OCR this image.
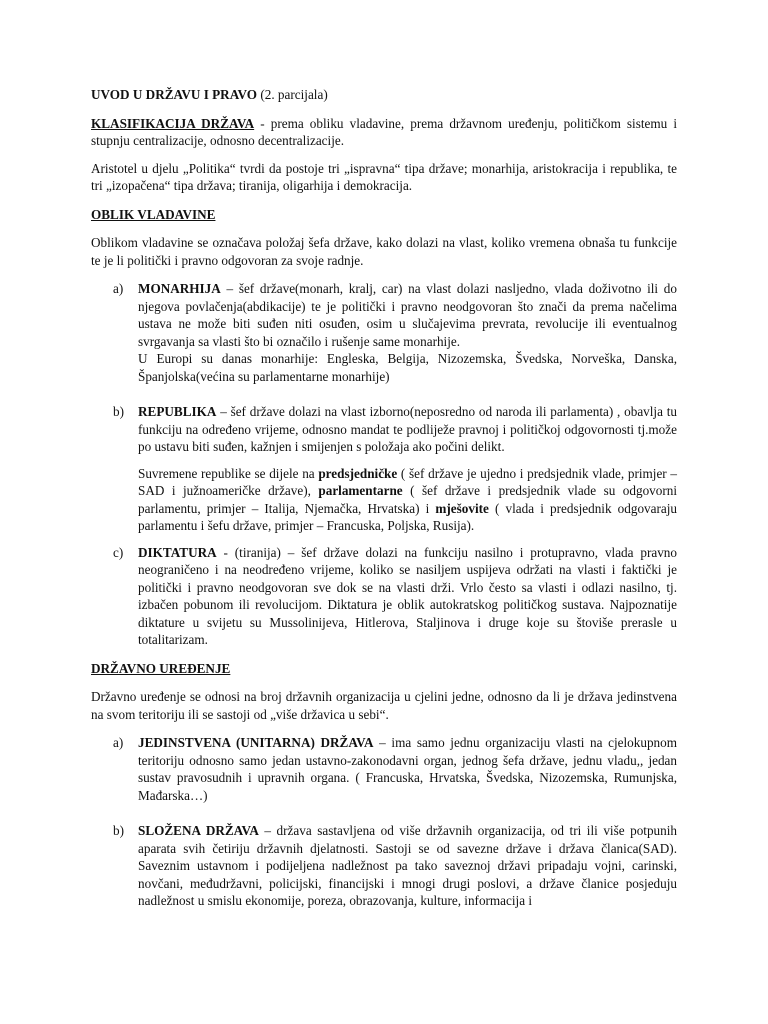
UVOD U DRŽAVU I PRAVO (2. parcijala)

KLASIFIKACIJA DRŽAVA - prema obliku vladavine, prema državnom uređenju, političkom sistemu i stupnju centralizacije, odnosno decentralizacije.

Aristotel u djelu „Politika“ tvrdi da postoje tri „ispravna“ tipa države; monarhija, aristokracija i republika, te tri „izopačena“ tipa država; tiranija, oligarhija i demokracija.

OBLIK VLADAVINE

Oblikom vladavine se označava položaj šefa države, kako dolazi na vlast, koliko vremena obnaša tu funkcije te je li politički i pravno odgovoran za svoje radnje.

a) MONARHIJA – šef države(monarh, kralj, car) na vlast dolazi nasljedno, vlada doživotno ili do njegova povlačenja(abdikacije) te je politički i pravno neodgovoran što znači da prema načelima ustava ne može biti suđen niti osuđen, osim u slučajevima prevrata, revolucije ili eventualnog svrgavanja sa vlasti što bi označilo i rušenje same monarhije.

U Europi su danas monarhije: Engleska, Belgija, Nizozemska, Švedska, Norveška, Danska, Španjolska(većina su parlamentarne monarhije)

b) REPUBLIKA – šef države dolazi na vlast izborno(neposredno od naroda ili parlamenta) , obavlja tu funkciju na određeno vrijeme, odnosno mandat te podliježe pravnoj i političkoj odgovornosti tj.može po ustavu biti suđen, kažnjen i smijenjen s položaja ako počini delikt.

Suvremene republike se dijele na predsjedničke ( šef države je ujedno i predsjednik vlade, primjer – SAD i južnoameričke države), parlamentarne ( šef države i predsjednik vlade su odgovorni parlamentu, primjer – Italija, Njemačka, Hrvatska) i mješovite ( vlada i predsjednik odgovaraju parlamentu i šefu države, primjer – Francuska, Poljska, Rusija).

c) DIKTATURA - (tiranija) – šef države dolazi na funkciju nasilno i protupravno, vlada pravno neograničeno i na neodređeno vrijeme, koliko se nasiljem uspijeva održati na vlasti i faktički je politički i pravno neodgovoran sve dok se na vlasti drži. Vrlo često sa vlasti i odlazi nasilno, tj. izbačen pobunom ili revolucijom. Diktatura je oblik autokratskog političkog sustava. Najpoznatije diktature u svijetu su Mussolinijeva, Hitlerova, Staljinova i druge koje su štoviše prerasle u totalitarizam.

DRŽAVNO UREĐENJE

Državno uređenje se odnosi na broj državnih organizacija u cjelini jedne, odnosno da li je država jedinstvena na svom teritoriju ili se sastoji od „više državica u sebi“.

a) JEDINSTVENA (UNITARNA) DRŽAVA – ima samo jednu organizaciju vlasti na cjelokupnom teritoriju odnosno samo jedan ustavno-zakonodavni organ, jednog šefa države, jednu vladu,, jedan sustav pravosudnih i upravnih organa. ( Francuska, Hrvatska, Švedska, Nizozemska, Rumunjska, Mađarska…)

b) SLOŽENA DRŽAVA – država sastavljena od više državnih organizacija, od tri ili više potpunih aparata svih četiriju državnih djelatnosti. Sastoji se od savezne države i država članica(SAD). Saveznim ustavnom i podijeljena nadležnost pa tako saveznoj državi pripadaju vojni, carinski, novčani, međudržavni, policijski, financijski i mnogi drugi poslovi, a države članice posjeduju nadležnost u smislu ekonomije, poreza, obrazovanja, kulture, informacija i
